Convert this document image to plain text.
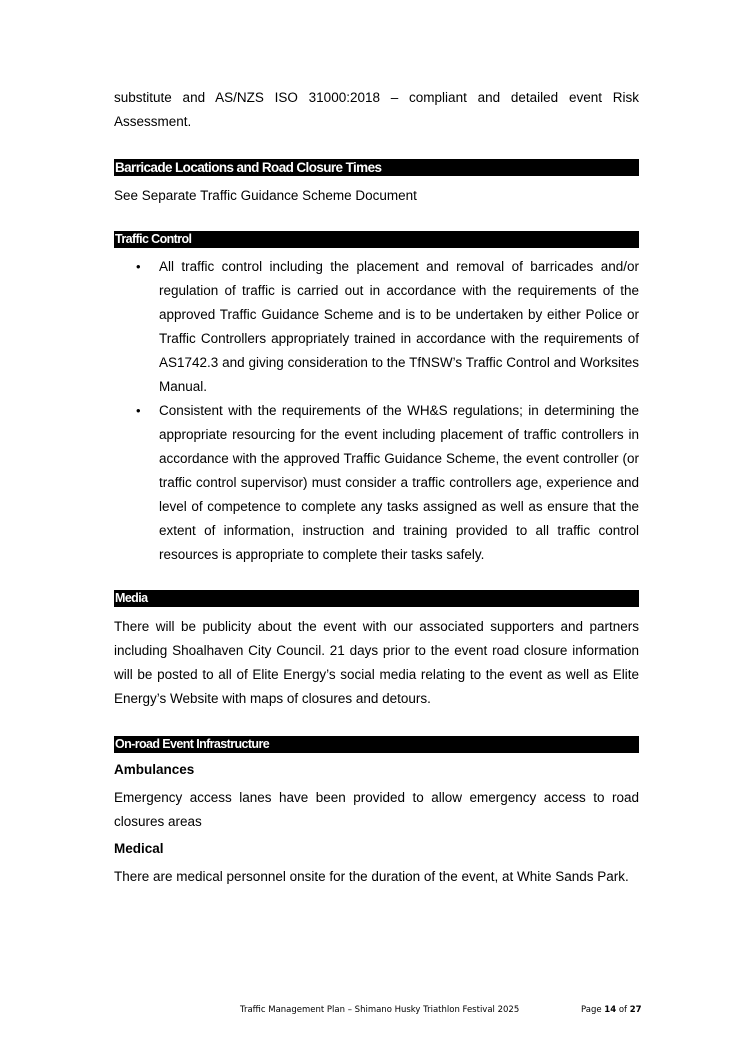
substitute and AS/NZS ISO 31000:2018 – compliant and detailed event Risk Assessment.

Barricade Locations and Road Closure Times

See Separate Traffic Guidance Scheme Document

Traffic Control
• All traffic control including the placement and removal of barricades and/or regulation of traffic is carried out in accordance with the requirements of the approved Traffic Guidance Scheme and is to be undertaken by either Police or Traffic Controllers appropriately trained in accordance with the requirements of AS1742.3 and giving consideration to the TfNSW’s Traffic Control and Worksites Manual.
• Consistent with the requirements of the WH&S regulations; in determining the appropriate resourcing for the event including placement of traffic controllers in accordance with the approved Traffic Guidance Scheme, the event controller (or traffic control supervisor) must consider a traffic controllers age, experience and level of competence to complete any tasks assigned as well as ensure that the extent of information, instruction and training provided to all traffic control resources is appropriate to complete their tasks safely.
Media

There will be publicity about the event with our associated supporters and partners including Shoalhaven City Council. 21 days prior to the event road closure information will be posted to all of Elite Energy’s social media relating to the event as well as Elite Energy’s Website with maps of closures and detours.

On-road Event Infrastructure
Ambulances

Emergency access lanes have been provided to allow emergency access to road closures areas

Medical

There are medical personnel onsite for the duration of the event, at White Sands Park.

Traffic Management Plan – Shimano Husky Triathlon Festival 2025	Page 14 of 27
